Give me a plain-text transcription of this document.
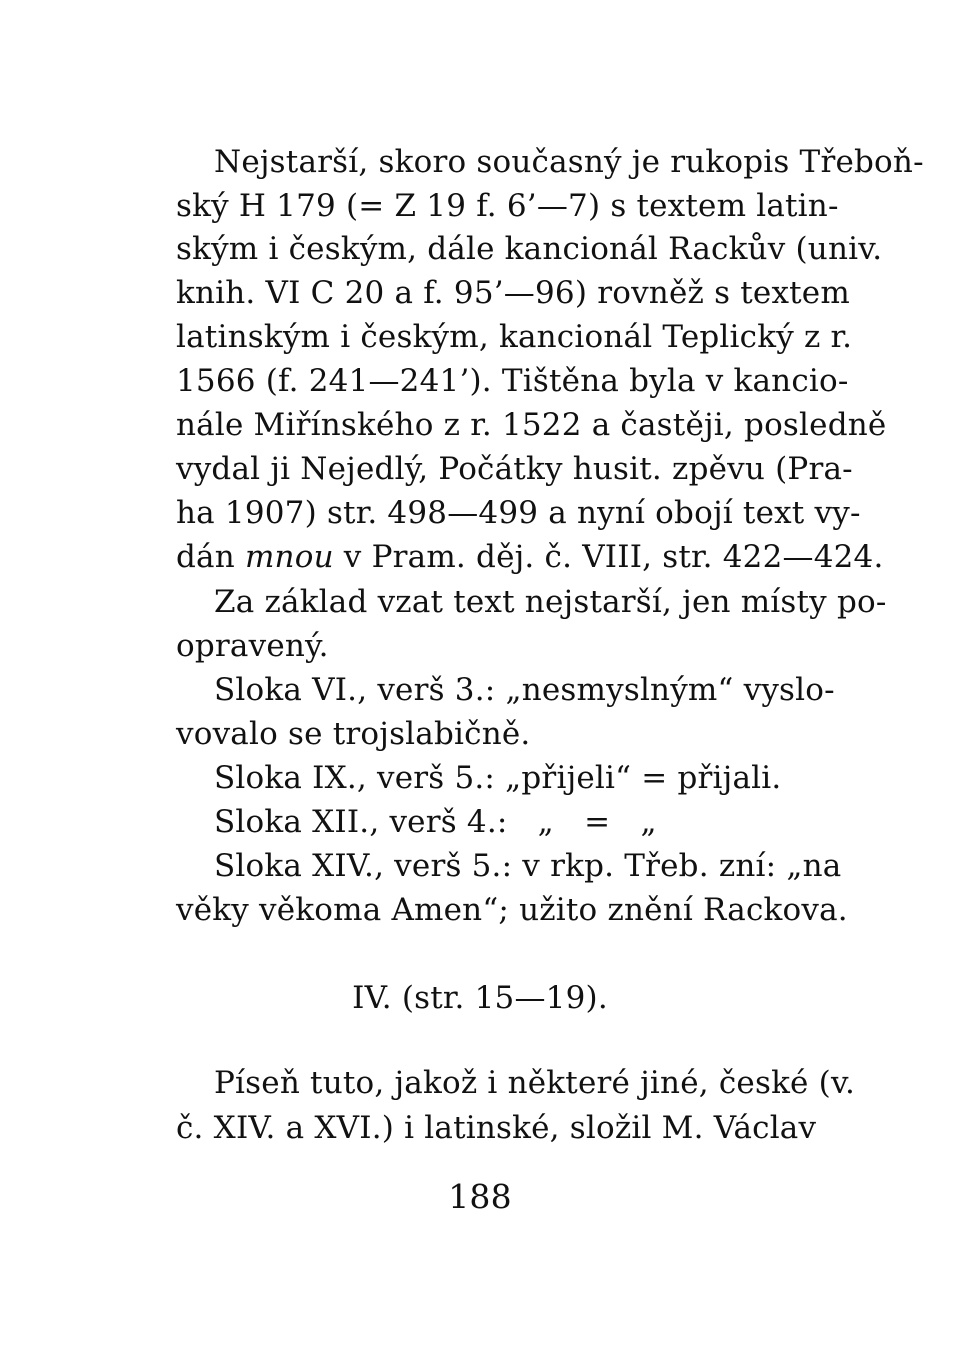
Nejstarší, skoro současný je rukopis Třeboň-
ský H 179 (= Z 19 f. 6’—7) s textem latin-
ským i českým, dále kancionál Rackův (univ.
knih. VI C 20 a f. 95’—96) rovněž s textem
latinským i českým, kancionál Teplický z r.
1566 (f. 241—241’). Tištěna byla v kancio-
nále Miřínského z r. 1522 a častěji, posledně
vydal ji Nejedlý, Počátky husit. zpěvu (Pra-
ha 1907) str. 498—499 a nyní obojí text vy-
dán mnou v Pram. děj. č. VIII, str. 422—424.
Za základ vzat text nejstarší, jen místy po-
opravený.
Sloka VI., verš 3.: „nesmyslným“ vyslo-
vovalo se trojslabičně.
Sloka IX., verš 5.: „přijeli“ = přijali.
Sloka XII., verš 4.:   „   =   „
Sloka XIV., verš 5.: v rkp. Třeb. zní: „na
věky věkoma Amen“; užito znění Rackova.
IV. (str. 15—19).
Píseň tuto, jakož i některé jiné, české (v.
č. XIV. a XVI.) i latinské, složil M. Václav
188
